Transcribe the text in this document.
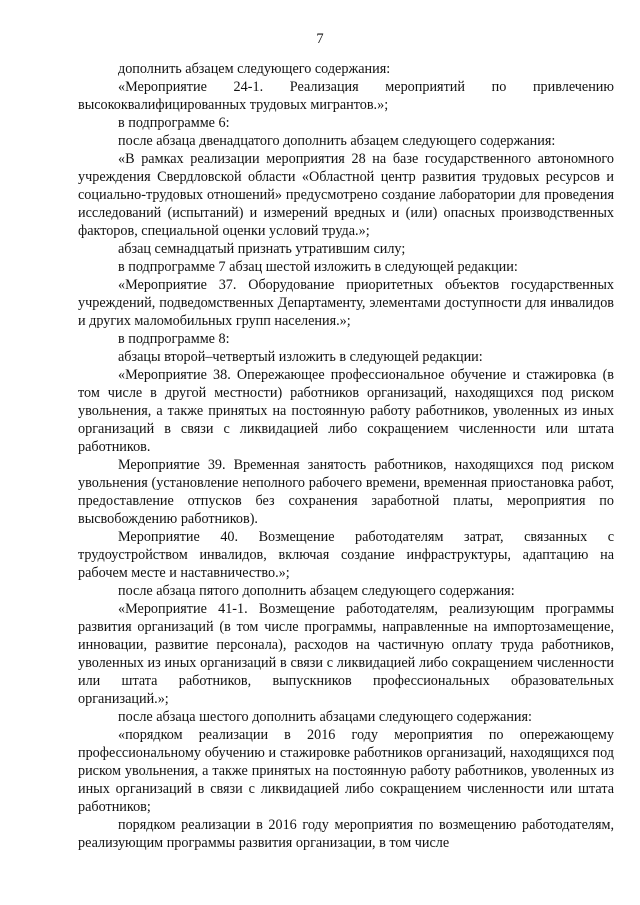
7

дополнить абзацем следующего содержания:

«Мероприятие 24-1. Реализация мероприятий по привлечению высококвалифицированных трудовых мигрантов.»;

в подпрограмме 6:

после абзаца двенадцатого дополнить абзацем следующего содержания:

«В рамках реализации мероприятия 28 на базе государственного автономного учреждения Свердловской области «Областной центр развития трудовых ресурсов и социально-трудовых отношений» предусмотрено создание лаборатории для проведения исследований (испытаний) и измерений вредных и (или) опасных производственных факторов, специальной оценки условий труда.»;

абзац семнадцатый признать утратившим силу;

в подпрограмме 7 абзац шестой изложить в следующей редакции:

«Мероприятие 37. Оборудование приоритетных объектов государственных учреждений, подведомственных Департаменту, элементами доступности для инвалидов и других маломобильных групп населения.»;

в подпрограмме 8:

абзацы второй–четвертый изложить в следующей редакции:

«Мероприятие 38. Опережающее профессиональное обучение и стажировка (в том числе в другой местности) работников организаций, находящихся под риском увольнения, а также принятых на постоянную работу работников, уволенных из иных организаций в связи с ликвидацией либо сокращением численности или штата работников.

Мероприятие 39. Временная занятость работников, находящихся под риском увольнения (установление неполного рабочего времени, временная приостановка работ, предоставление отпусков без сохранения заработной платы, мероприятия по высвобождению работников).

Мероприятие 40. Возмещение работодателям затрат, связанных с трудоустройством инвалидов, включая создание инфраструктуры, адаптацию на рабочем месте и наставничество.»;

после абзаца пятого дополнить абзацем следующего содержания:

«Мероприятие 41-1. Возмещение работодателям, реализующим программы развития организаций (в том числе программы, направленные на импортозамещение, инновации, развитие персонала), расходов на частичную оплату труда работников, уволенных из иных организаций в связи с ликвидацией либо сокращением численности или штата работников, выпускников профессиональных образовательных организаций.»;

после абзаца шестого дополнить абзацами следующего содержания:

«порядком реализации в 2016 году мероприятия по опережающему профессиональному обучению и стажировке работников организаций, находящихся под риском увольнения, а также принятых на постоянную работу работников, уволенных из иных организаций в связи с ликвидацией либо сокращением численности или штата работников;

порядком реализации в 2016 году мероприятия по возмещению работодателям, реализующим программы развития организации, в том числе
